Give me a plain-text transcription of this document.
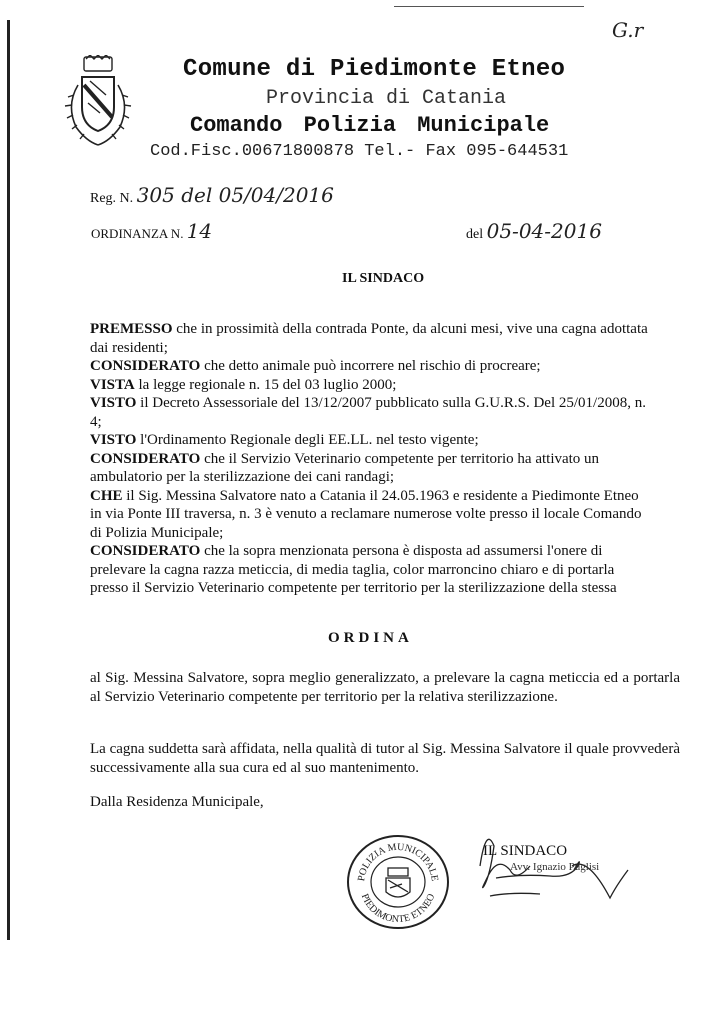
G.r
Comune di Piedimonte Etneo
Provincia di Catania
Comando Polizia Municipale
Cod.Fisc.00671800878 Tel.- Fax 095-644531
Reg. N. 305 del 05/04/2016
ORDINANZA N. 14	del 05-04-2016
IL SINDACO

PREMESSO che in prossimità della contrada Ponte, da alcuni mesi, vive una cagna adottata dai residenti;

CONSIDERATO che detto animale può incorrere nel rischio di procreare;

VISTA la legge regionale n. 15 del 03 luglio 2000;

VISTO il Decreto Assessoriale del 13/12/2007 pubblicato sulla G.U.R.S. Del 25/01/2008, n. 4;

VISTO l'Ordinamento Regionale degli EE.LL. nel testo vigente;

CONSIDERATO che il Servizio Veterinario competente per territorio ha attivato un ambulatorio per la sterilizzazione dei cani randagi;

CHE il Sig. Messina Salvatore nato a Catania il 24.05.1963 e residente a Piedimonte Etneo in via Ponte III traversa, n. 3 è venuto a reclamare numerose volte presso il locale Comando di Polizia Municipale;

CONSIDERATO che la sopra menzionata persona è disposta ad assumersi l'onere di prelevare la cagna razza meticcia, di media taglia, color marroncino chiaro e di portarla presso il Servizio Veterinario competente per territorio per la sterilizzazione della stessa

ORDINA
al Sig. Messina Salvatore, sopra meglio generalizzato, a prelevare la cagna meticcia ed a portarla al Servizio Veterinario competente per territorio per la relativa sterilizzazione.
La cagna suddetta sarà affidata, nella qualità di tutor al Sig. Messina Salvatore il quale provvederà successivamente alla sua cura ed al suo mantenimento.
Dalla Residenza Municipale,
POLIZIA MUNICIPALE
PIEDIMONTE ETNEO
IL SINDACO
Avv. Ignazio Puglisi
